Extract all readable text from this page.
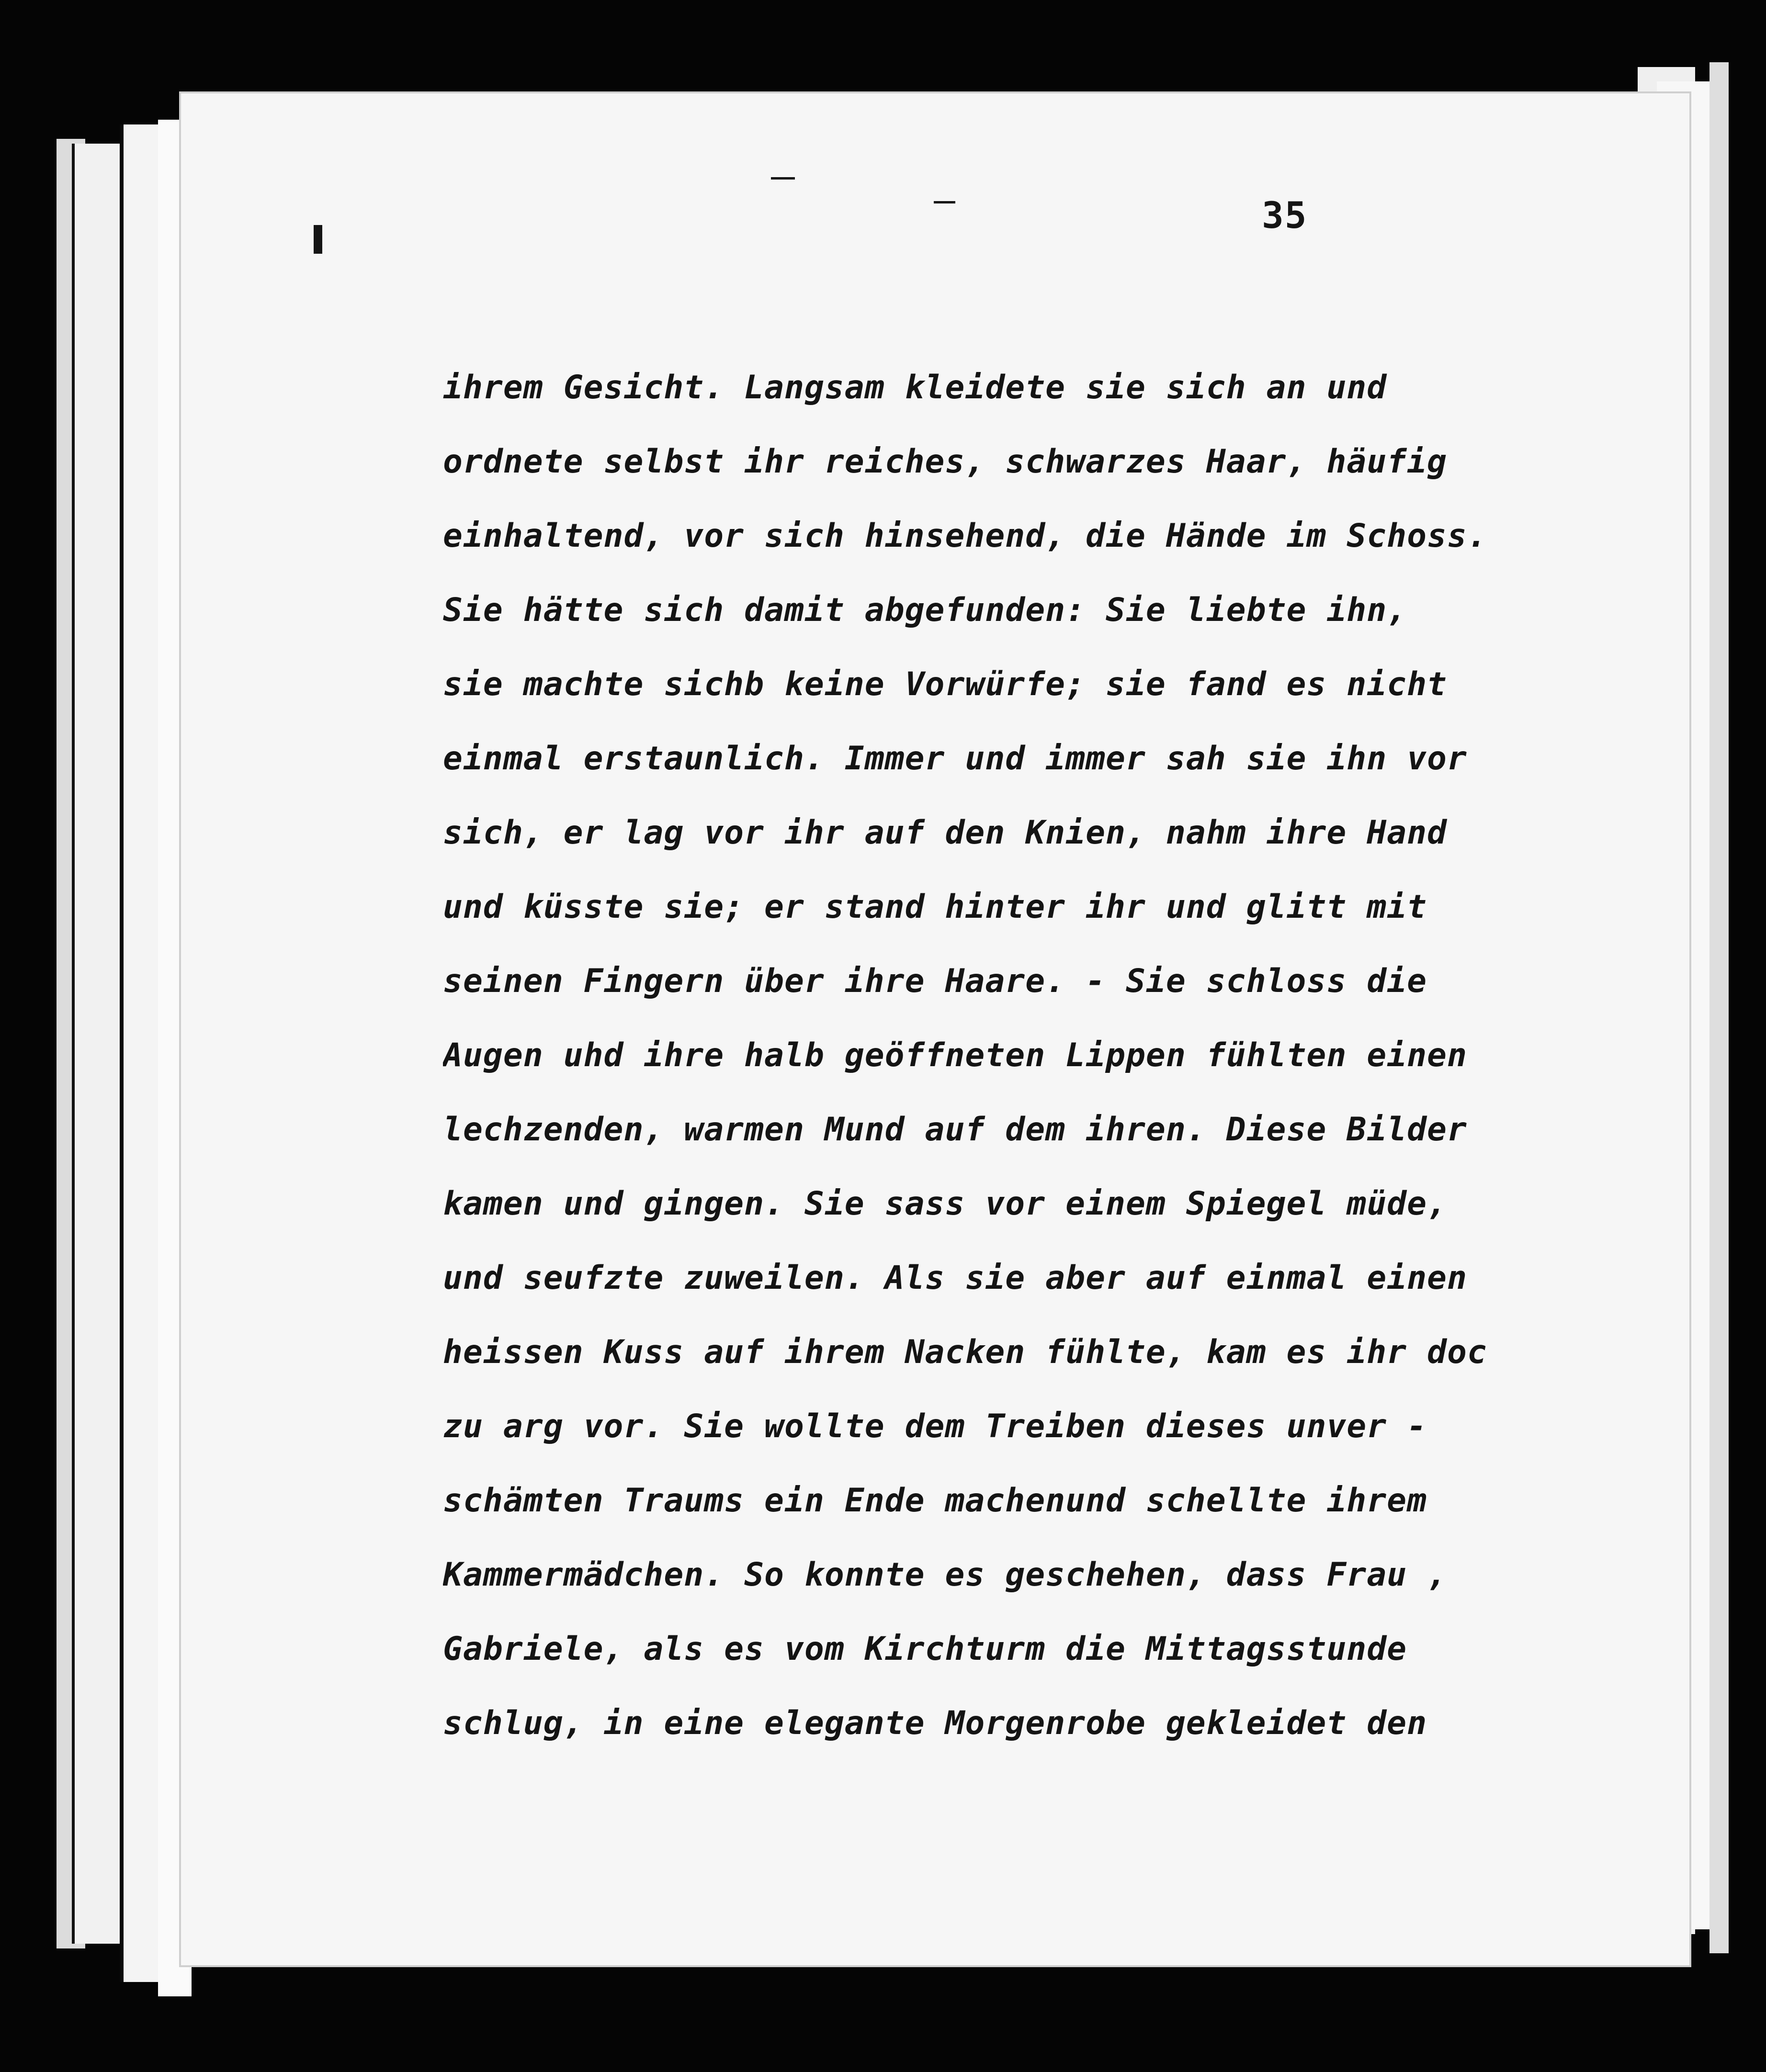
35
ihrem Gesicht. Langsam kleidete sie sich an und
ordnete selbst ihr reiches, schwarzes Haar, häufig
einhaltend, vor sich hinsehend, die Hände im Schoss.
Sie hätte sich damit abgefunden: Sie liebte ihn,
sie machte sichb keine Vorwürfe; sie fand es nicht
einmal erstaunlich. Immer und immer sah sie ihn vor
sich, er lag vor ihr auf den Knien, nahm ihre Hand
und küsste sie; er stand hinter ihr und glitt mit
seinen Fingern über ihre Haare. - Sie schloss die
Augen uhd ihre halb geöffneten Lippen fühlten einen
lechzenden, warmen Mund auf dem ihren. Diese Bilder
kamen und gingen. Sie sass vor einem Spiegel müde,
und seufzte zuweilen. Als sie aber auf einmal einen
heissen Kuss auf ihrem Nacken fühlte, kam es ihr doc
zu arg vor. Sie wollte dem Treiben dieses unver -
schämten Traums ein Ende machenund schellte ihrem
Kammermädchen. So konnte es geschehen, dass Frau ,
Gabriele, als es vom Kirchturm die Mittagsstunde
schlug, in eine elegante Morgenrobe gekleidet den
